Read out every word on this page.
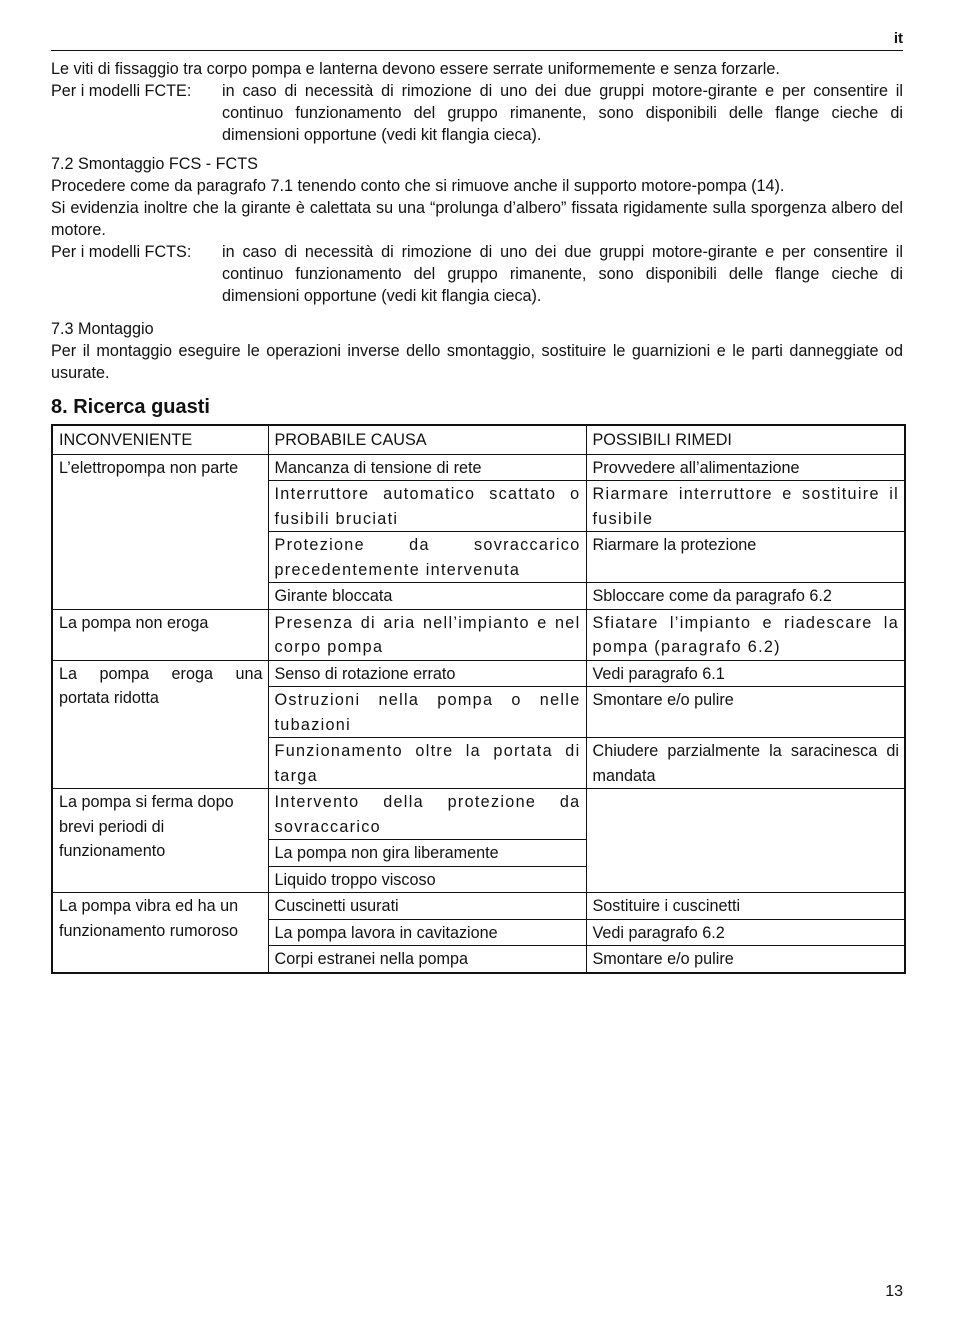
it

Le viti di fissaggio tra corpo pompa e lanterna devono essere serrate uniformemente e senza forzarle.

Per i modelli FCTE:	in caso di necessità di rimozione di uno dei due gruppi motore-girante e per consentire il continuo funzionamento del gruppo rimanente, sono disponibili delle flange cieche di dimensioni opportune (vedi kit flangia cieca).
7.2 Smontaggio FCS - FCTS

Procedere come da paragrafo 7.1 tenendo conto che si rimuove anche il supporto motore-pompa (14).

Si evidenzia inoltre che la girante è calettata su una “prolunga d’albero” fissata rigidamente sulla sporgenza albero del motore.

Per i modelli FCTS:	in caso di necessità di rimozione di uno dei due gruppi motore-girante e per consentire il continuo funzionamento del gruppo rimanente, sono disponibili delle flange cieche di dimensioni opportune (vedi kit flangia cieca).
7.3 Montaggio

Per il montaggio eseguire le operazioni inverse dello smontaggio, sostituire le guarnizioni e le parti danneggiate od usurate.

8. Ricerca guasti
INCONVENIENTE	PROBABILE CAUSA	POSSIBILI RIMEDI
L’elettropompa non parte	Mancanza di tensione di rete	Provvedere all’alimentazione
	Interruttore automatico scattato o fusibili bruciati	Riarmare interruttore e sostituire il fusibile
	Protezione da sovraccarico precedentemente intervenuta	Riarmare la protezione
	Girante bloccata	Sbloccare come da paragrafo 6.2
La pompa non eroga	Presenza di aria nell’impianto e nel corpo pompa	Sfiatare l’impianto e riadescare la pompa (paragrafo 6.2)
La pompa eroga una portata ridotta	Senso di rotazione errato	Vedi paragrafo 6.1
	Ostruzioni nella pompa o nelle tubazioni	Smontare e/o pulire
	Funzionamento oltre la portata di targa	Chiudere parzialmente la saracinesca di mandata
La pompa si ferma dopo brevi periodi di funzionamento	Intervento della protezione da sovraccarico	
	La pompa non gira liberamente	
	Liquido troppo viscoso	
La pompa vibra ed ha un funzionamento rumoroso	Cuscinetti usurati	Sostituire i cuscinetti
	La pompa lavora in cavitazione	Vedi paragrafo 6.2
	Corpi estranei nella pompa	Smontare e/o pulire
13
